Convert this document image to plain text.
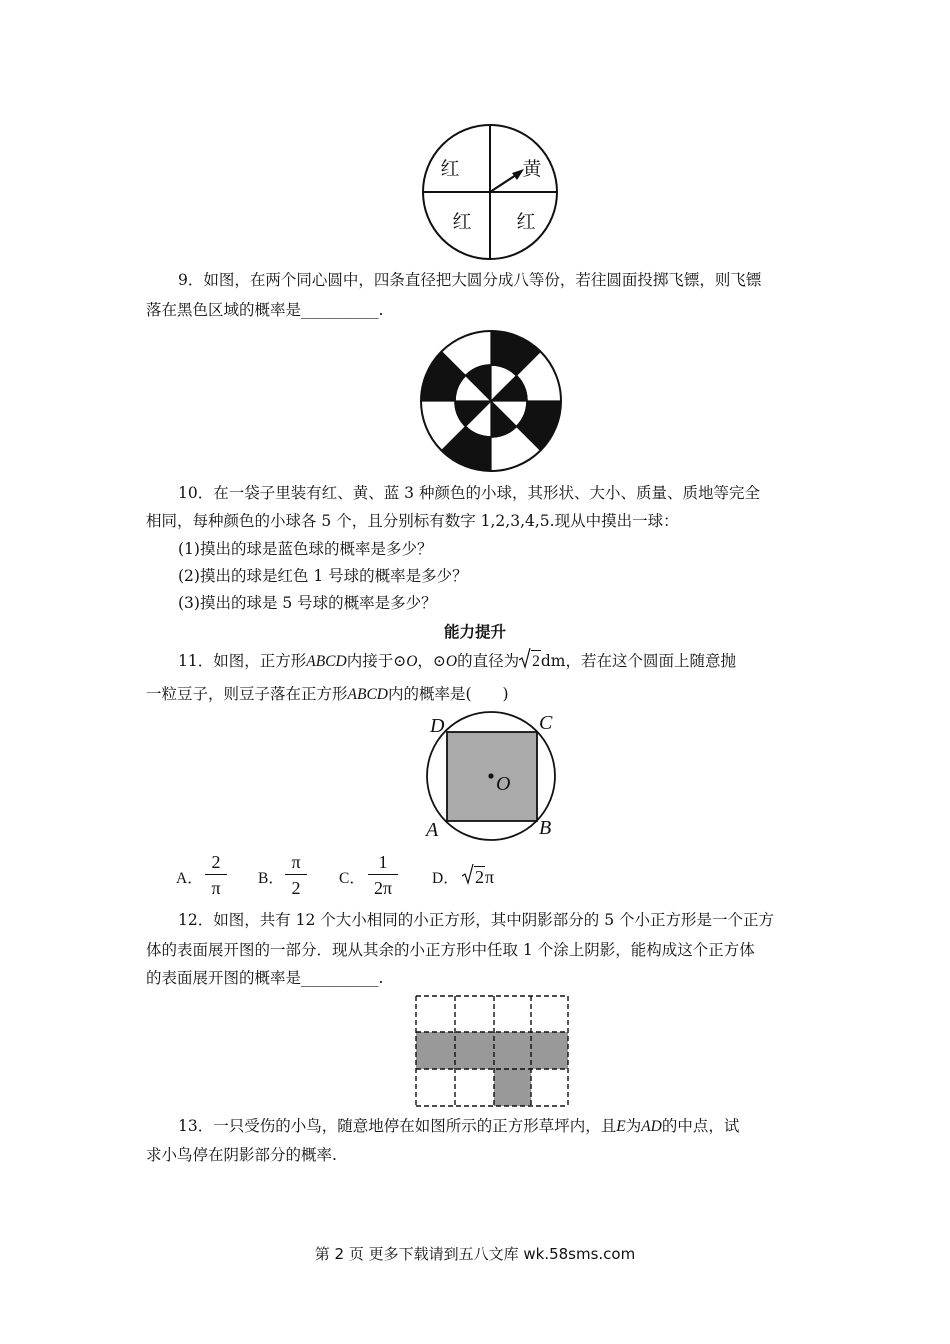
红	黄
红 红
9．如图，在两个同心圆中，四条直径把大圆分成八等份，若往圆面投掷飞镖，则飞镖
落在黑色区域的概率是__________.
10．在一袋子里装有红、黄、蓝 3 种颜色的小球，其形状、大小、质量、质地等完全
相同，每种颜色的小球各 5 个，且分别标有数字 1,2,3,4,5.现从中摸出一球：
(1)摸出的球是蓝色球的概率是多少？
(2)摸出的球是红色 1 号球的概率是多少？
(3)摸出的球是 5 号球的概率是多少？
能力提升
11．如图，正方形ABCD内接于⊙O，⊙O的直径为 2dm，若在这个圆面上随意抛
一粒豆子，则豆子落在正方形ABCD内的概率是(　　)
O
D	C
A	B
A． $\frac{2}{\pi}$ B． $\frac{\pi}{2}$ C． $\frac{1}{2\pi}$ D． 2π
12．如图，共有 12 个大小相同的小正方形，其中阴影部分的 5 个小正方形是一个正方
体的表面展开图的一部分．现从其余的小正方形中任取 1 个涂上阴影，能构成这个正方体
的表面展开图的概率是__________.
13．一只受伤的小鸟，随意地停在如图所示的正方形草坪内，且E为AD的中点，试
求小鸟停在阴影部分的概率.
第 2 页 更多下载请到五八文库 wk.58sms.com
